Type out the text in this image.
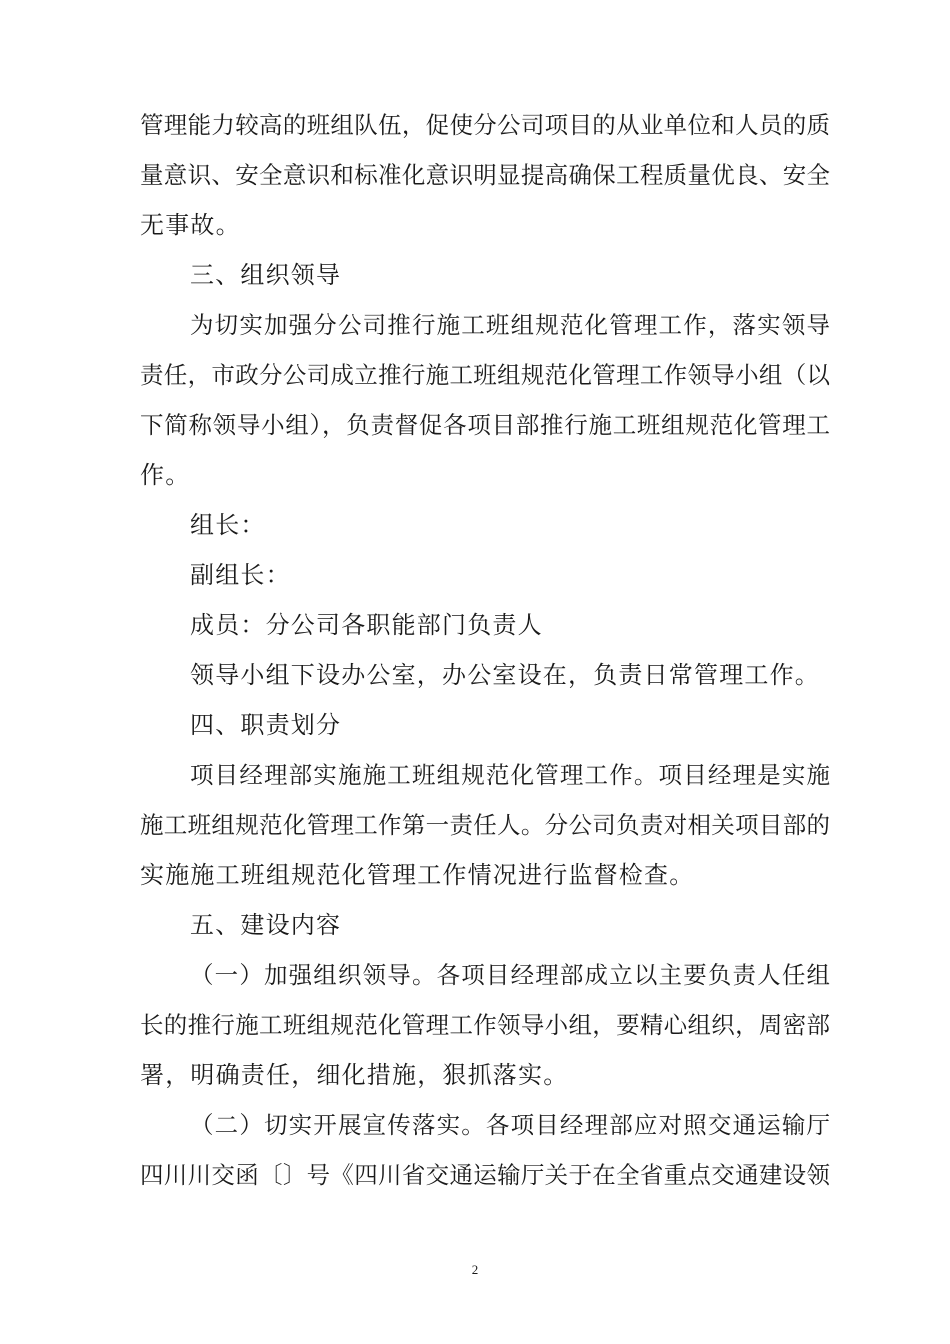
管理能力较高的班组队伍，促使分公司项目的从业单位和人员的质
量意识、安全意识和标准化意识明显提高确保工程质量优良、安全
无事故。
三、组织领导
为切实加强分公司推行施工班组规范化管理工作，落实领导
责任，市政分公司成立推行施工班组规范化管理工作领导小组（以
下简称领导小组），负责督促各项目部推行施工班组规范化管理工
作。
组长：
副组长：
成员：分公司各职能部门负责人
领导小组下设办公室，办公室设在，负责日常管理工作。
四、职责划分
项目经理部实施施工班组规范化管理工作。项目经理是实施
施工班组规范化管理工作第一责任人。分公司负责对相关项目部的
实施施工班组规范化管理工作情况进行监督检查。
五、建设内容
（一）加强组织领导。各项目经理部成立以主要负责人任组
长的推行施工班组规范化管理工作领导小组，要精心组织，周密部
署，明确责任，细化措施，狠抓落实。
（二）切实开展宣传落实。各项目经理部应对照交通运输厅
四川川交函〔〕号《四川省交通运输厅关于在全省重点交通建设领
2
